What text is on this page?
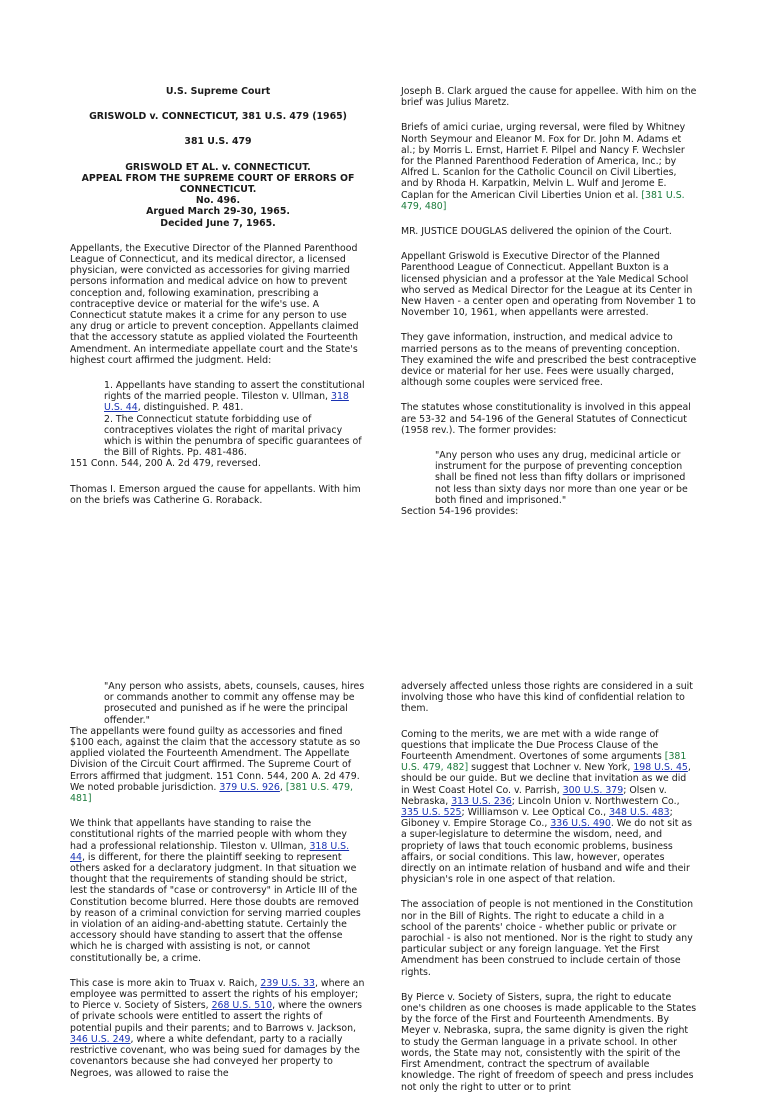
U.S. Supreme Court

GRISWOLD v. CONNECTICUT, 381 U.S. 479 (1965)

381 U.S. 479

GRISWOLD ET AL. v. CONNECTICUT.
APPEAL FROM THE SUPREME COURT OF ERRORS OF CONNECTICUT.
No. 496.
Argued March 29-30, 1965.
Decided June 7, 1965.

Appellants, the Executive Director of the Planned Parenthood League of Connecticut, and its medical director, a licensed physician, were convicted as accessories for giving married persons information and medical advice on how to prevent conception and, following examination, prescribing a contraceptive device or material for the wife's use. A Connecticut statute makes it a crime for any person to use any drug or article to prevent conception. Appellants claimed that the accessory statute as applied violated the Fourteenth Amendment. An intermediate appellate court and the State's highest court affirmed the judgment. Held:

1. Appellants have standing to assert the constitutional rights of the married people. Tileston v. Ullman, 318 U.S. 44, distinguished. P. 481.
2. The Connecticut statute forbidding use of contraceptives violates the right of marital privacy which is within the penumbra of specific guarantees of the Bill of Rights. Pp. 481-486.

151 Conn. 544, 200 A. 2d 479, reversed.

Thomas I. Emerson argued the cause for appellants. With him on the briefs was Catherine G. Roraback.

Joseph B. Clark argued the cause for appellee. With him on the brief was Julius Maretz.

Briefs of amici curiae, urging reversal, were filed by Whitney North Seymour and Eleanor M. Fox for Dr. John M. Adams et al.; by Morris L. Ernst, Harriet F. Pilpel and Nancy F. Wechsler for the Planned Parenthood Federation of America, Inc.; by Alfred L. Scanlon for the Catholic Council on Civil Liberties, and by Rhoda H. Karpatkin, Melvin L. Wulf and Jerome E. Caplan for the American Civil Liberties Union et al. [381 U.S. 479, 480]

MR. JUSTICE DOUGLAS delivered the opinion of the Court.

Appellant Griswold is Executive Director of the Planned Parenthood League of Connecticut. Appellant Buxton is a licensed physician and a professor at the Yale Medical School who served as Medical Director for the League at its Center in New Haven - a center open and operating from November 1 to November 10, 1961, when appellants were arrested.

They gave information, instruction, and medical advice to married persons as to the means of preventing conception. They examined the wife and prescribed the best contraceptive device or material for her use. Fees were usually charged, although some couples were serviced free.

The statutes whose constitutionality is involved in this appeal are 53-32 and 54-196 of the General Statutes of Connecticut (1958 rev.). The former provides:

"Any person who uses any drug, medicinal article or instrument for the purpose of preventing conception shall be fined not less than fifty dollars or imprisoned not less than sixty days nor more than one year or be both fined and imprisoned."
Section 54-196 provides:
"Any person who assists, abets, counsels, causes, hires or commands another to commit any offense may be prosecuted and punished as if he were the principal offender."

The appellants were found guilty as accessories and fined $100 each, against the claim that the accessory statute as so applied violated the Fourteenth Amendment. The Appellate Division of the Circuit Court affirmed. The Supreme Court of Errors affirmed that judgment. 151 Conn. 544, 200 A. 2d 479. We noted probable jurisdiction. 379 U.S. 926, [381 U.S. 479, 481]

We think that appellants have standing to raise the constitutional rights of the married people with whom they had a professional relationship. Tileston v. Ullman, 318 U.S. 44, is different, for there the plaintiff seeking to represent others asked for a declaratory judgment. In that situation we thought that the requirements of standing should be strict, lest the standards of "case or controversy" in Article III of the Constitution become blurred. Here those doubts are removed by reason of a criminal conviction for serving married couples in violation of an aiding-and-abetting statute. Certainly the accessory should have standing to assert that the offense which he is charged with assisting is not, or cannot constitutionally be, a crime.

This case is more akin to Truax v. Raich, 239 U.S. 33, where an employee was permitted to assert the rights of his employer; to Pierce v. Society of Sisters, 268 U.S. 510, where the owners of private schools were entitled to assert the rights of potential pupils and their parents; and to Barrows v. Jackson, 346 U.S. 249, where a white defendant, party to a racially restrictive covenant, who was being sued for damages by the covenantors because she had conveyed her property to Negroes, was allowed to raise the

adversely affected unless those rights are considered in a suit involving those who have this kind of confidential relation to them.

Coming to the merits, we are met with a wide range of questions that implicate the Due Process Clause of the Fourteenth Amendment. Overtones of some arguments [381 U.S. 479, 482] suggest that Lochner v. New York, 198 U.S. 45, should be our guide. But we decline that invitation as we did in West Coast Hotel Co. v. Parrish, 300 U.S. 379; Olsen v. Nebraska, 313 U.S. 236; Lincoln Union v. Northwestern Co., 335 U.S. 525; Williamson v. Lee Optical Co., 348 U.S. 483; Giboney v. Empire Storage Co., 336 U.S. 490. We do not sit as a super-legislature to determine the wisdom, need, and propriety of laws that touch economic problems, business affairs, or social conditions. This law, however, operates directly on an intimate relation of husband and wife and their physician's role in one aspect of that relation.

The association of people is not mentioned in the Constitution nor in the Bill of Rights. The right to educate a child in a school of the parents' choice - whether public or private or parochial - is also not mentioned. Nor is the right to study any particular subject or any foreign language. Yet the First Amendment has been construed to include certain of those rights.

By Pierce v. Society of Sisters, supra, the right to educate one's children as one chooses is made applicable to the States by the force of the First and Fourteenth Amendments. By Meyer v. Nebraska, supra, the same dignity is given the right to study the German language in a private school. In other words, the State may not, consistently with the spirit of the First Amendment, contract the spectrum of available knowledge. The right of freedom of speech and press includes not only the right to utter or to print
